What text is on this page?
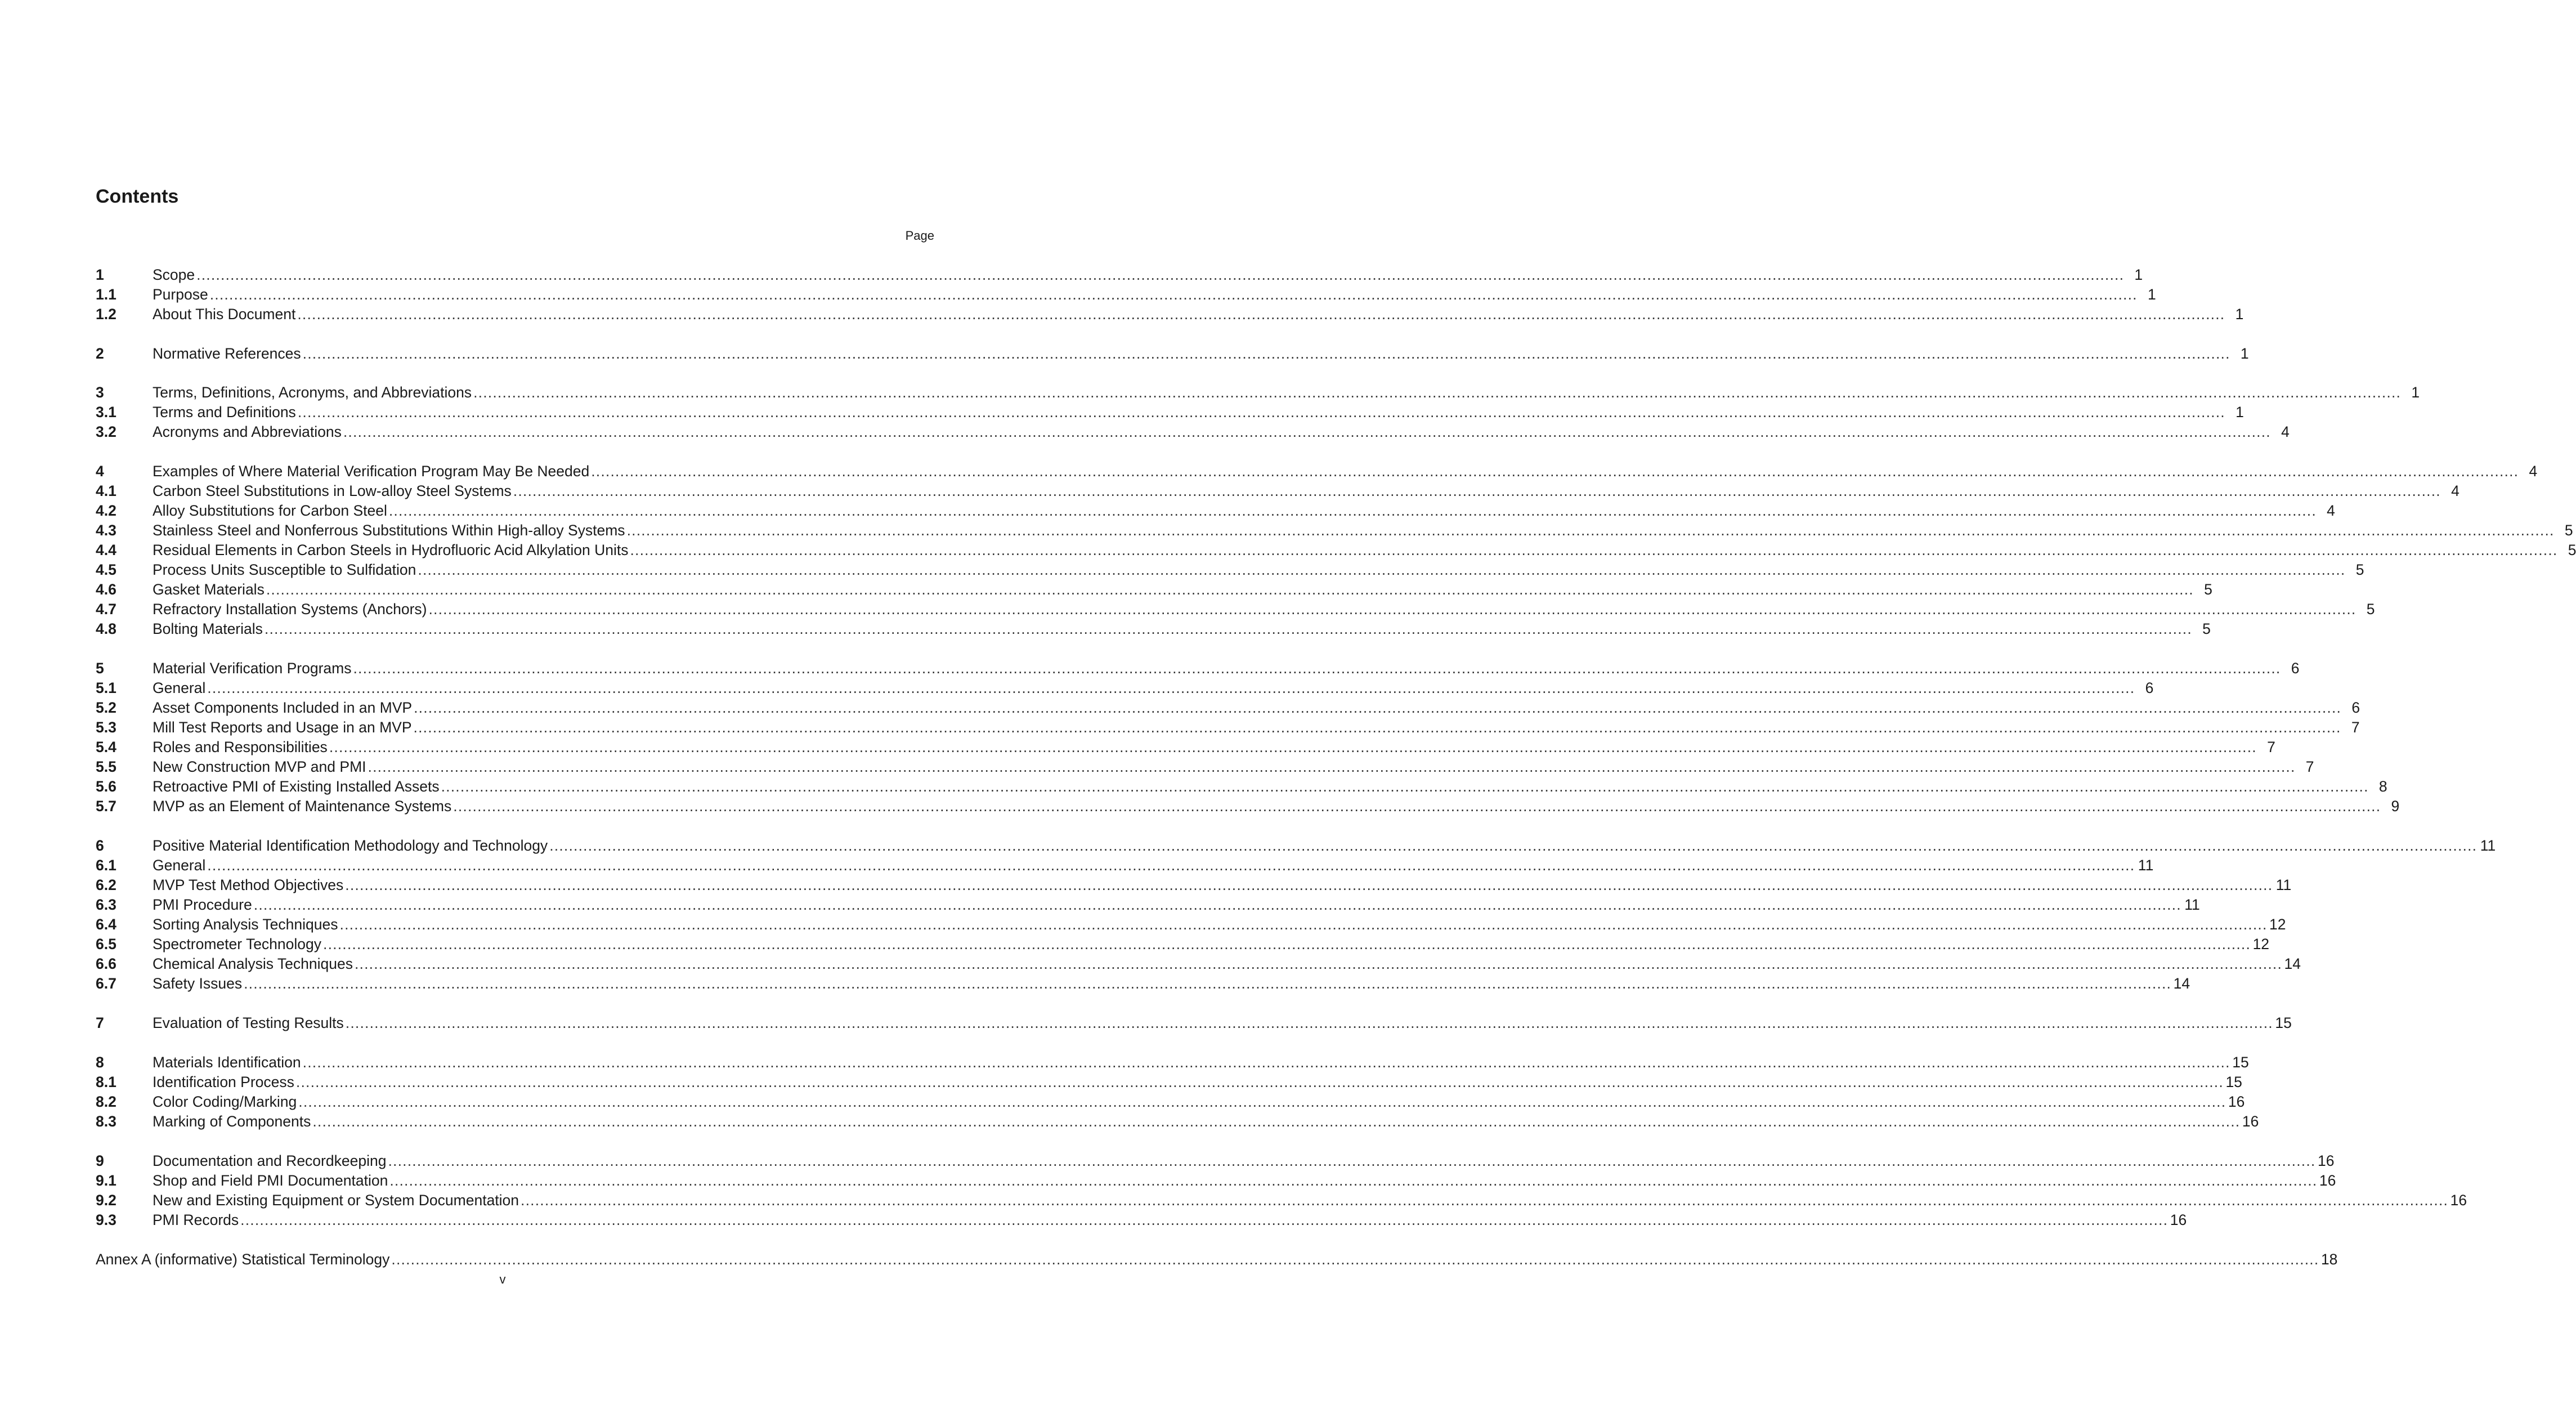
Contents
Page
1	Scope ................................................................................................................................................................................................................................................................................................................................................................................................................ 1
1.1	Purpose ................................................................................................................................................................................................................................................................................................................................................................................................................ 1
1.2	About This Document ................................................................................................................................................................................................................................................................................................................................................................................................................ 1
2	Normative References ................................................................................................................................................................................................................................................................................................................................................................................................................ 1
3	Terms, Definitions, Acronyms, and Abbreviations ................................................................................................................................................................................................................................................................................................................................................................................................................ 1
3.1	Terms and Definitions ................................................................................................................................................................................................................................................................................................................................................................................................................ 1
3.2	Acronyms and Abbreviations ................................................................................................................................................................................................................................................................................................................................................................................................................ 4
4	Examples of Where Material Verification Program May Be Needed ................................................................................................................................................................................................................................................................................................................................................................................................................ 4
4.1	Carbon Steel Substitutions in Low-alloy Steel Systems ................................................................................................................................................................................................................................................................................................................................................................................................................ 4
4.2	Alloy Substitutions for Carbon Steel ................................................................................................................................................................................................................................................................................................................................................................................................................ 4
4.3	Stainless Steel and Nonferrous Substitutions Within High-alloy Systems ................................................................................................................................................................................................................................................................................................................................................................................................................ 5
4.4	Residual Elements in Carbon Steels in Hydrofluoric Acid Alkylation Units ................................................................................................................................................................................................................................................................................................................................................................................................................ 5
4.5	Process Units Susceptible to Sulfidation ................................................................................................................................................................................................................................................................................................................................................................................................................ 5
4.6	Gasket Materials ................................................................................................................................................................................................................................................................................................................................................................................................................ 5
4.7	Refractory Installation Systems (Anchors) ................................................................................................................................................................................................................................................................................................................................................................................................................ 5
4.8	Bolting Materials ................................................................................................................................................................................................................................................................................................................................................................................................................ 5
5	Material Verification Programs ................................................................................................................................................................................................................................................................................................................................................................................................................ 6
5.1	General ................................................................................................................................................................................................................................................................................................................................................................................................................ 6
5.2	Asset Components Included in an MVP ................................................................................................................................................................................................................................................................................................................................................................................................................ 6
5.3	Mill Test Reports and Usage in an MVP ................................................................................................................................................................................................................................................................................................................................................................................................................ 7
5.4	Roles and Responsibilities ................................................................................................................................................................................................................................................................................................................................................................................................................ 7
5.5	New Construction MVP and PMI ................................................................................................................................................................................................................................................................................................................................................................................................................ 7
5.6	Retroactive PMI of Existing Installed Assets ................................................................................................................................................................................................................................................................................................................................................................................................................ 8
5.7	MVP as an Element of Maintenance Systems ................................................................................................................................................................................................................................................................................................................................................................................................................ 9
6	Positive Material Identification Methodology and Technology ................................................................................................................................................................................................................................................................................................................................................................................................................ 11
6.1	General ................................................................................................................................................................................................................................................................................................................................................................................................................ 11
6.2	MVP Test Method Objectives ................................................................................................................................................................................................................................................................................................................................................................................................................ 11
6.3	PMI Procedure ................................................................................................................................................................................................................................................................................................................................................................................................................ 11
6.4	Sorting Analysis Techniques ................................................................................................................................................................................................................................................................................................................................................................................................................ 12
6.5	Spectrometer Technology ................................................................................................................................................................................................................................................................................................................................................................................................................ 12
6.6	Chemical Analysis Techniques ................................................................................................................................................................................................................................................................................................................................................................................................................ 14
6.7	Safety Issues ................................................................................................................................................................................................................................................................................................................................................................................................................ 14
7	Evaluation of Testing Results ................................................................................................................................................................................................................................................................................................................................................................................................................ 15
8	Materials Identification ................................................................................................................................................................................................................................................................................................................................................................................................................ 15
8.1	Identification Process ................................................................................................................................................................................................................................................................................................................................................................................................................ 15
8.2	Color Coding/Marking ................................................................................................................................................................................................................................................................................................................................................................................................................ 16
8.3	Marking of Components ................................................................................................................................................................................................................................................................................................................................................................................................................ 16
9	Documentation and Recordkeeping ................................................................................................................................................................................................................................................................................................................................................................................................................ 16
9.1	Shop and Field PMI Documentation ................................................................................................................................................................................................................................................................................................................................................................................................................ 16
9.2	New and Existing Equipment or System Documentation ................................................................................................................................................................................................................................................................................................................................................................................................................ 16
9.3	PMI Records ................................................................................................................................................................................................................................................................................................................................................................................................................ 16
Annex A (informative) Statistical Terminology ................................................................................................................................................................................................................................................................................................................................................................................................................ 18
v
